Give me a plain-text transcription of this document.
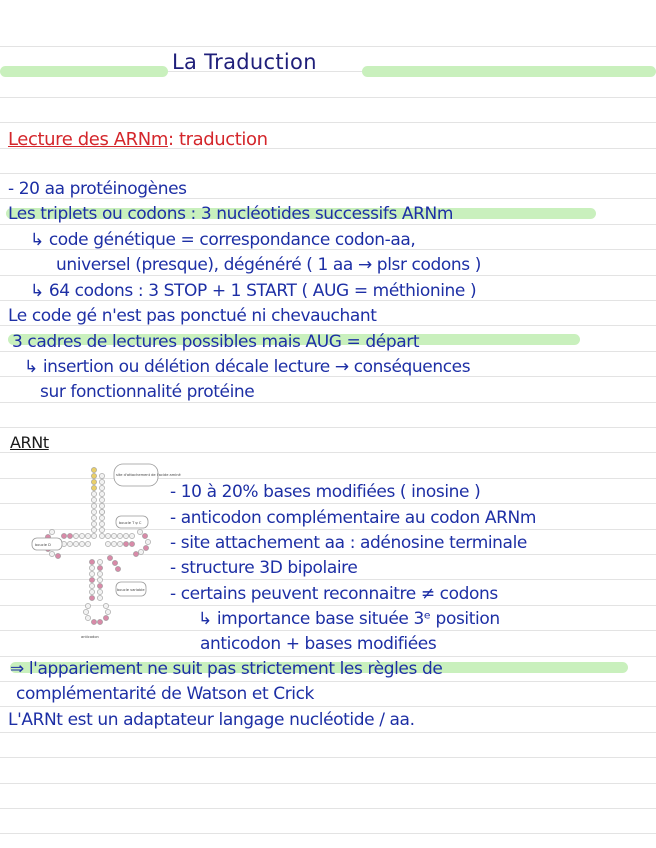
La Traduction
Lecture des ARNm: traduction
- 20 aa protéinogènes
Les triplets ou codons : 3 nucléotides successifs ARNm
↳ code génétique = correspondance codon-aa,
universel (presque), dégénéré ( 1 aa → plsr codons )
↳ 64 codons : 3 STOP + 1 START ( AUG = méthionine )
Le code gé n'est pas ponctué ni chevauchant
3 cadres de lectures possibles mais AUG = départ
↳ insertion ou délétion décale lecture → conséquences
sur fonctionnalité protéine
ARNt
site d'attachement de l'acide aminé
boucle T ψ C
boucle D
boucle variable
anticodon
- 10 à 20% bases modifiées ( inosine )
- anticodon complémentaire au codon ARNm
- site attachement aa : adénosine terminale
- structure 3D bipolaire
- certains peuvent reconnaitre ≠ codons
↳ importance base située 3ᵉ position
anticodon + bases modifiées
⇒ l'appariement ne suit pas strictement les règles de
complémentarité de Watson et Crick
L'ARNt est un adaptateur langage nucléotide / aa.
